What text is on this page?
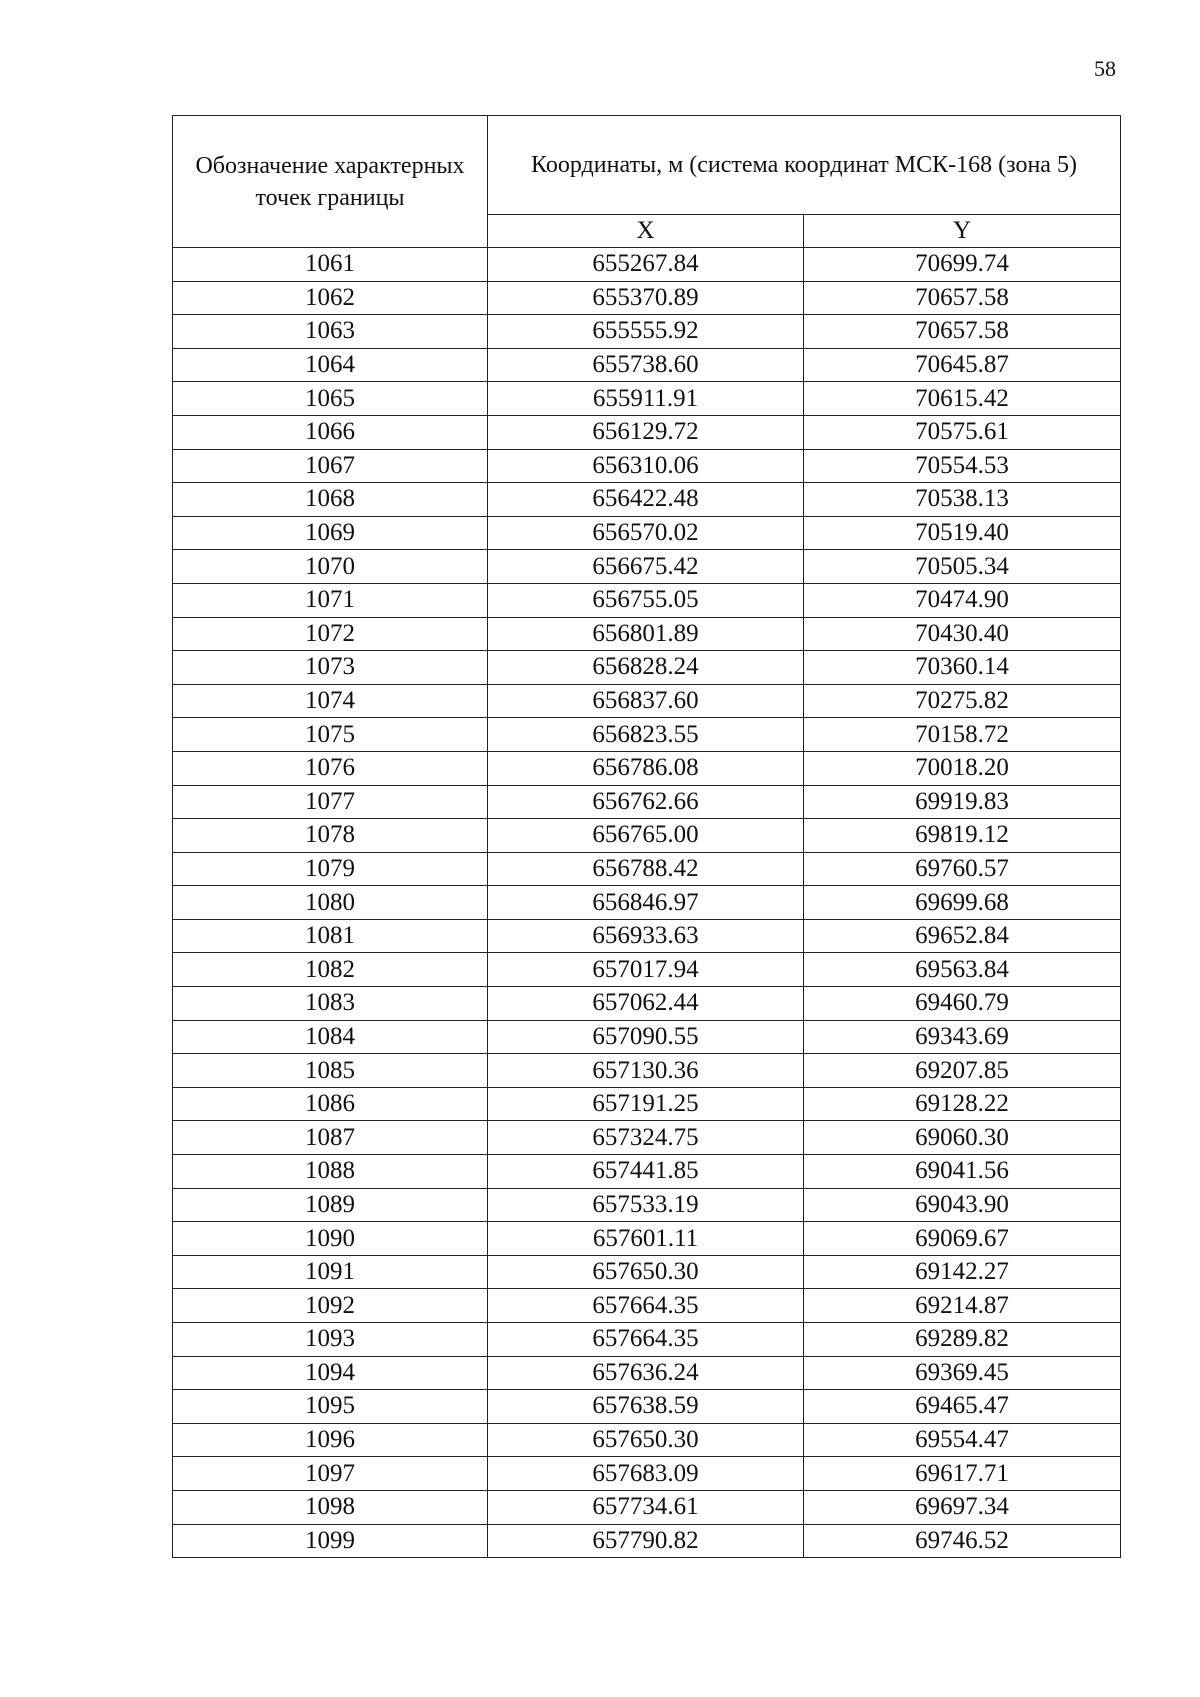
58
Обозначение характерных точек границы	Координаты, м (система координат МСК-168 (зона 5)	
	X	Y
1061	655267.84	70699.74
1062	655370.89	70657.58
1063	655555.92	70657.58
1064	655738.60	70645.87
1065	655911.91	70615.42
1066	656129.72	70575.61
1067	656310.06	70554.53
1068	656422.48	70538.13
1069	656570.02	70519.40
1070	656675.42	70505.34
1071	656755.05	70474.90
1072	656801.89	70430.40
1073	656828.24	70360.14
1074	656837.60	70275.82
1075	656823.55	70158.72
1076	656786.08	70018.20
1077	656762.66	69919.83
1078	656765.00	69819.12
1079	656788.42	69760.57
1080	656846.97	69699.68
1081	656933.63	69652.84
1082	657017.94	69563.84
1083	657062.44	69460.79
1084	657090.55	69343.69
1085	657130.36	69207.85
1086	657191.25	69128.22
1087	657324.75	69060.30
1088	657441.85	69041.56
1089	657533.19	69043.90
1090	657601.11	69069.67
1091	657650.30	69142.27
1092	657664.35	69214.87
1093	657664.35	69289.82
1094	657636.24	69369.45
1095	657638.59	69465.47
1096	657650.30	69554.47
1097	657683.09	69617.71
1098	657734.61	69697.34
1099	657790.82	69746.52
